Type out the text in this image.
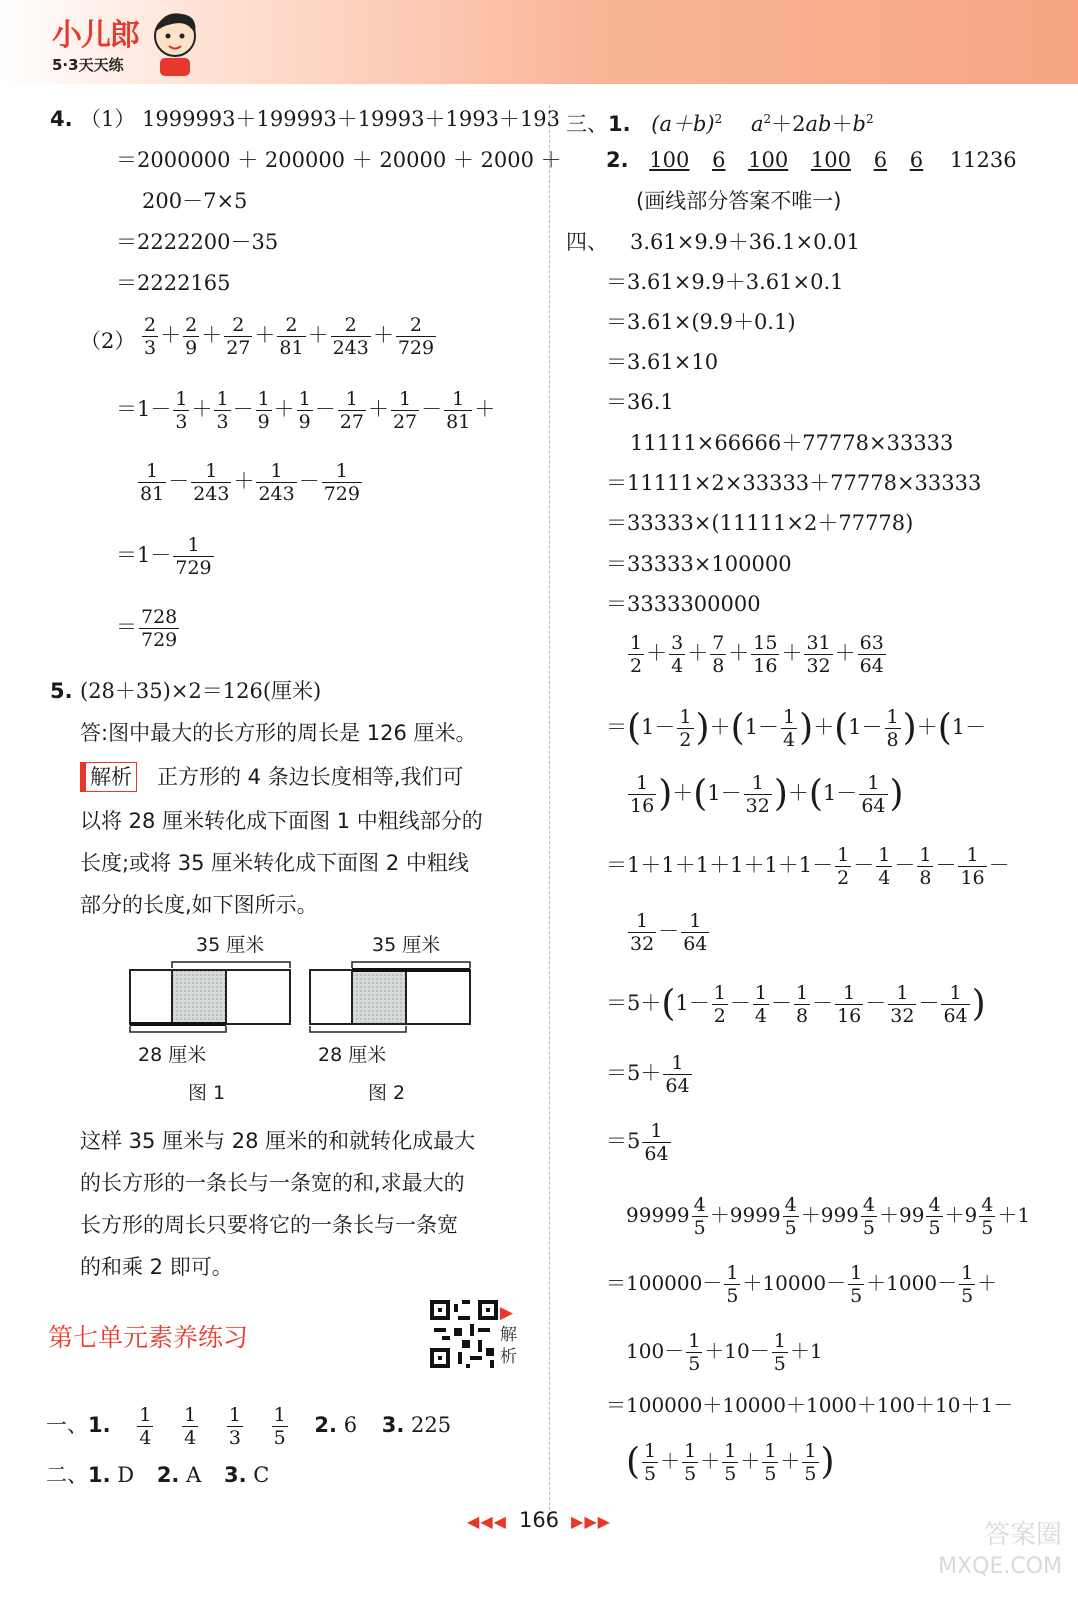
小儿郎
5·3天天练
4. （1） 1999993＋199993＋19993＋1993＋193
＝2000000 ＋ 200000 ＋ 20000 ＋ 2000 ＋
200－7×5
＝2222200－35
＝2222165
$(2) \frac{2}{3} + \frac{2}{9} + \frac{2}{27} + \frac{2}{81} + \frac{2}{243} + \frac{2}{729}$
$=1- \frac{1}{3} + \frac{1}{3} - \frac{1}{9} + \frac{1}{9} - \frac{1}{27} + \frac{1}{27} - \frac{1}{81}$ ＋
$\frac{1}{81} - \frac{1}{243} + \frac{1}{243} - \frac{1}{729}$
$=1- \frac{1}{729}$
＝ $\frac{728}{729}$
5. (28＋35)×2＝126(厘米)
答:图中最大的长方形的周长是 126 厘米。
解析 正方形的 4 条边长度相等,我们可
以将 28 厘米转化成下面图 1 中粗线部分的
长度;或将 35 厘米转化成下面图 2 中粗线
部分的长度,如下图所示。
35 厘米	35 厘米
28 厘米	28 厘米
图 1	图 2
这样 35 厘米与 28 厘米的和就转化成最大
的长方形的一条长与一条宽的和,求最大的
长方形的周长只要将它的一条长与一条宽
的和乘 2 即可。
第七单元素养练习
▶
解析
一、1. $\frac{1}{4}$
$\frac{1}{4}$
$\frac{1}{3}$
$\frac{1}{5} 2$. 6 3. 225
二、1. D 2. A 3. C
三、1. $(a+b)^2$ $a^2+2ab+b^2$
2. 100 6 100 100 6 6 11236
(画线部分答案不唯一)
四、 3.61×9.9＋36.1×0.01
＝3.61×9.9＋3.61×0.1
＝3.61×(9.9＋0.1)
＝3.61×10
＝36.1
11111×66666＋77778×33333
＝11111×2×33333＋77778×33333
＝33333×(11111×2＋77778)
＝33333×100000
＝3333300000
$\frac{1}{2} + \frac{3}{4} + \frac{7}{8} + \frac{15}{16} + \frac{31}{32} + \frac{63}{64}$
$=(1- \frac{1}{2} )+(1- \frac{1}{4} )+(1- \frac{1}{8} )+(1-$
$\frac{1}{16} )+(1- \frac{1}{32} )+(1- \frac{1}{64}$ )
$=1+1+1+1+1+1- \frac{1}{2} - \frac{1}{4} - \frac{1}{8} - \frac{1}{16}$ －
$\frac{1}{32} - \frac{1}{64}$
$=5+(1- \frac{1}{2} - \frac{1}{4} - \frac{1}{8} - \frac{1}{16} - \frac{1}{32} - \frac{1}{64}$ )
$=5+ \frac{1}{64}$
$=5 \frac{1}{64}$
$99999 \frac{4}{5} +9999 \frac{4}{5} +999 \frac{4}{5} +99 \frac{4}{5} +9 \frac{4}{5} +1$
$=100000- \frac{1}{5} +10000- \frac{1}{5} +1000- \frac{1}{5}$ ＋
$100- \frac{1}{5} +10- \frac{1}{5} +1$
＝100000＋10000＋1000＋100＋10＋1－
( $\frac{1}{5} + \frac{1}{5} + \frac{1}{5} + \frac{1}{5} + \frac{1}{5}$ )
◀◀◀ 166 ▶▶▶	答案圈
MXQE.COM
